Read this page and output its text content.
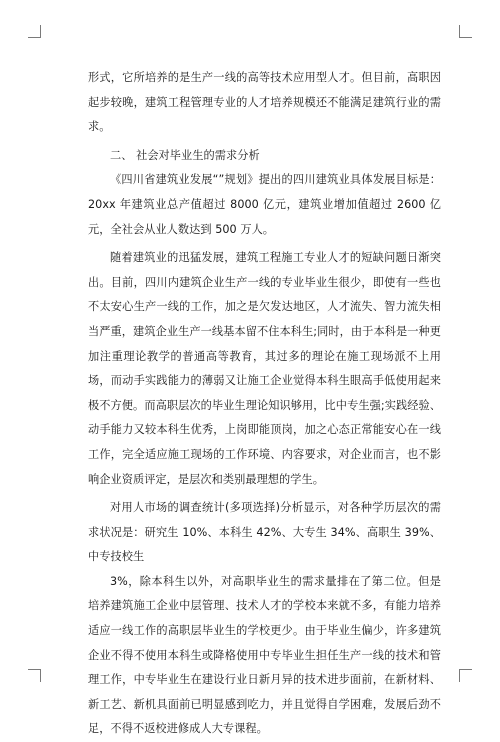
形式，它所培养的是生产一线的高等技术应用型人才。但目前，高职因起步较晚，建筑工程管理专业的人才培养规模还不能满足建筑行业的需求。

二、 社会对毕业生的需求分析

《四川省建筑业发展“”规划》提出的四川建筑业具体发展目标是：20xx 年建筑业总产值超过 8000 亿元，建筑业增加值超过 2600 亿元，全社会从业人数达到 500 万人。

随着建筑业的迅猛发展，建筑工程施工专业人才的短缺问题日渐突出。目前，四川内建筑企业生产一线的专业毕业生很少，即使有一些也不太安心生产一线的工作，加之是欠发达地区，人才流失、智力流失相当严重，建筑企业生产一线基本留不住本科生;同时，由于本科是一种更加注重理论教学的普通高等教育，其过多的理论在施工现场派不上用场，而动手实践能力的薄弱又让施工企业觉得本科生眼高手低使用起来极不方便。而高职层次的毕业生理论知识够用，比中专生强;实践经验、动手能力又较本科生优秀，上岗即能顶岗，加之心态正常能安心在一线工作，完全适应施工现场的工作环境、内容要求，对企业而言，也不影响企业资质评定，是层次和类别最理想的学生。

对用人市场的调查统计(多项选择)分析显示，对各种学历层次的需求状况是：研究生 10%、本科生 42%、大专生 34%、高职生 39%、中专技校生

3%，除本科生以外，对高职毕业生的需求量排在了第二位。但是培养建筑施工企业中层管理、技术人才的学校本来就不多，有能力培养适应一线工作的高职层毕业生的学校更少。由于毕业生偏少，许多建筑企业不得不使用本科生或降格使用中专毕业生担任生产一线的技术和管理工作，中专毕业生在建设行业日新月异的技术进步面前，在新材料、新工艺、新机具面前已明显感到吃力，并且觉得自学困难，发展后劲不足，不得不返校进修成人大专课程。
